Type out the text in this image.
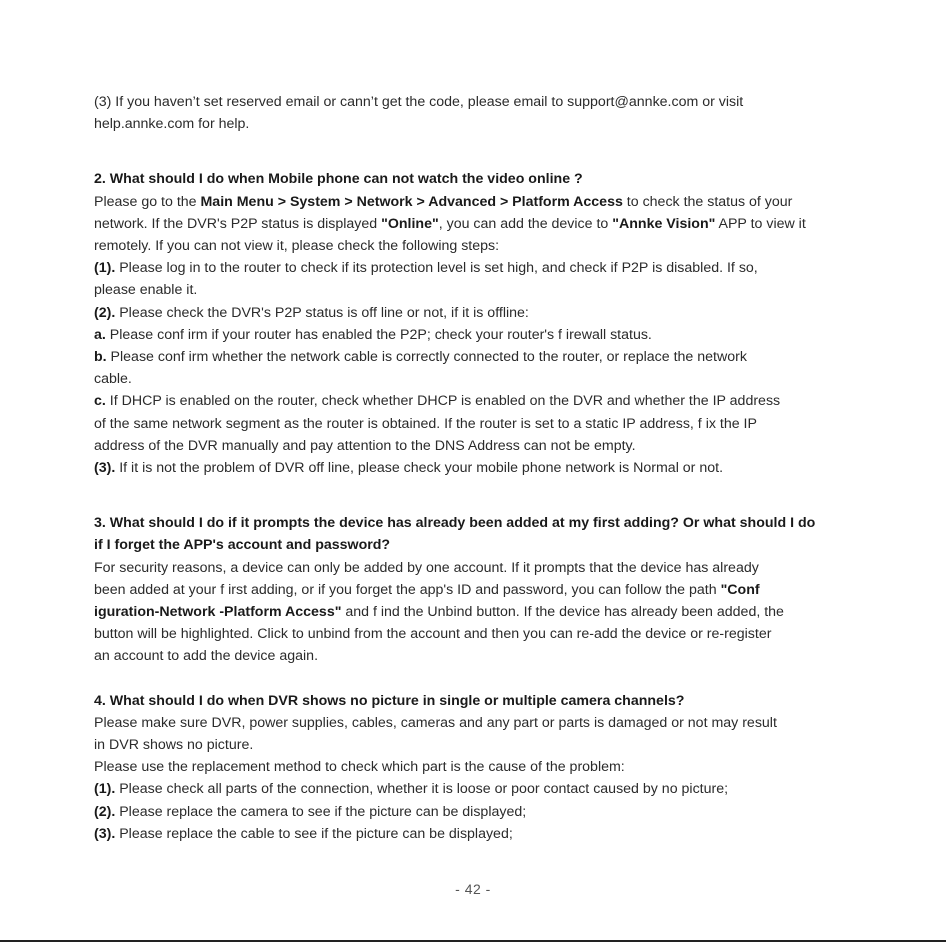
(3) If you haven’t set reserved email or cann’t get the code, please email to support@annke.com or visit
help.annke.com for help.
2. What should I do when Mobile phone can not watch the video online ?
Please go to the Main Menu > System > Network > Advanced > Platform Access to check the status of your
network. If the DVR's P2P status is displayed "Online", you can add the device to "Annke Vision" APP to view it
remotely. If you can not view it, please check the following steps:
(1). Please log in to the router to check if its protection level is set high, and check if P2P is disabled. If so,
please enable it.
(2). Please check the DVR's P2P status is off line or not, if it is offline:
a. Please conf irm if your router has enabled the P2P; check your router's f irewall status.
b. Please conf irm whether the network cable is correctly connected to the router, or replace the network
cable.
c. If DHCP is enabled on the router, check whether DHCP is enabled on the DVR and whether the IP address
of the same network segment as the router is obtained. If the router is set to a static IP address, f ix the IP
address of the DVR manually and pay attention to the DNS Address can not be empty.
(3). If it is not the problem of DVR off line, please check your mobile phone network is Normal or not.
3. What should I do if it prompts the device has already been added at my first adding? Or what should I do
if I forget the APP's account and password?
For security reasons, a device can only be added by one account. If it prompts that the device has already
been added at your f irst adding, or if you forget the app's ID and password, you can follow the path "Conf
iguration-Network -Platform Access" and f ind the Unbind button. If the device has already been added, the
button will be highlighted. Click to unbind from the account and then you can re-add the device or re-register
an account to add the device again.
4. What should I do when DVR shows no picture in single or multiple camera channels?
Please make sure DVR, power supplies, cables, cameras and any part or parts is damaged or not may result
in DVR shows no picture.
Please use the replacement method to check which part is the cause of the problem:
(1). Please check all parts of the connection, whether it is loose or poor contact caused by no picture;
(2). Please replace the camera to see if the picture can be displayed;
(3). Please replace the cable to see if the picture can be displayed;
- 42 -
